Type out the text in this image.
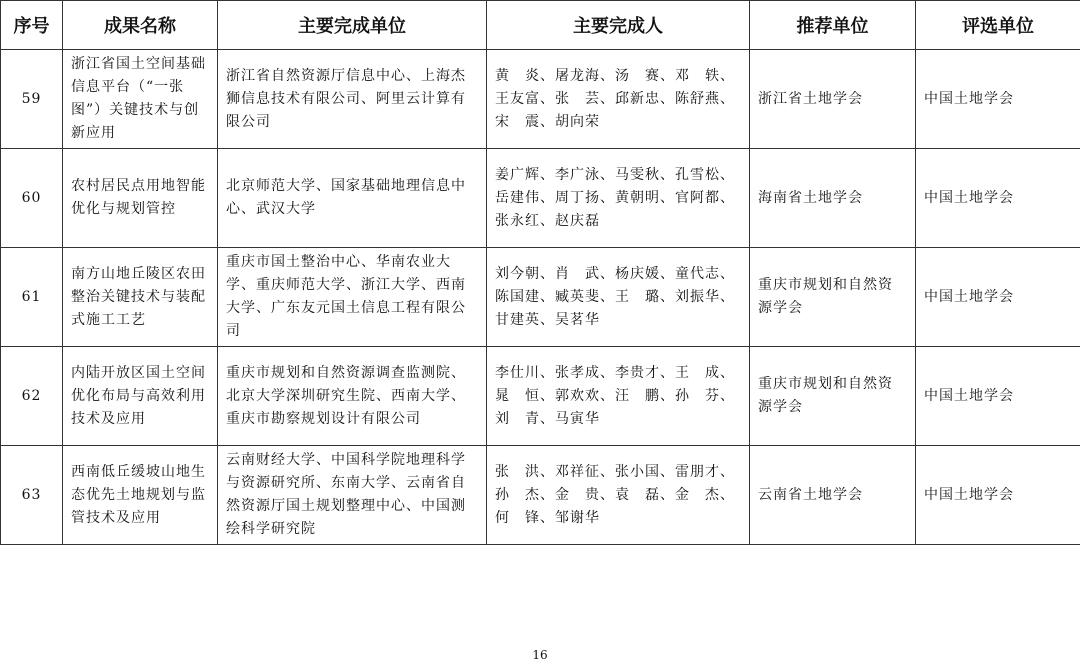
序号	成果名称	主要完成单位	主要完成人	推荐单位	评选单位
59	浙江省国土空间基础信息平台（“一张图”）关键技术与创新应用	浙江省自然资源厅信息中心、上海杰狮信息技术有限公司、阿里云计算有限公司	黄　炎、屠龙海、汤　赛、邓　轶、王友富、张　芸、邱新忠、陈舒燕、宋　震、胡向荣	浙江省土地学会	中国土地学会
60	农村居民点用地智能优化与规划管控	北京师范大学、国家基础地理信息中心、武汉大学	姜广辉、李广泳、马雯秋、孔雪松、岳建伟、周丁扬、黄朝明、官阿都、张永红、赵庆磊	海南省土地学会	中国土地学会
61	南方山地丘陵区农田整治关键技术与装配式施工工艺	重庆市国土整治中心、华南农业大学、重庆师范大学、浙江大学、西南大学、广东友元国土信息工程有限公司	刘今朝、肖　武、杨庆媛、童代志、陈国建、臧英斐、王　璐、刘振华、甘建英、吴茗华	重庆市规划和自然资源学会	中国土地学会
62	内陆开放区国土空间优化布局与高效利用技术及应用	重庆市规划和自然资源调查监测院、北京大学深圳研究生院、西南大学、重庆市勘察规划设计有限公司	李仕川、张孝成、李贵才、王　成、晁　恒、郭欢欢、汪　鹏、孙　芬、刘　青、马寅华	重庆市规划和自然资源学会	中国土地学会
63	西南低丘缓坡山地生态优先土地规划与监管技术及应用	云南财经大学、中国科学院地理科学与资源研究所、东南大学、云南省自然资源厅国土规划整理中心、中国测绘科学研究院	张　洪、邓祥征、张小国、雷朋才、孙　杰、金　贵、袁　磊、金　杰、何　锋、邹谢华	云南省土地学会	中国土地学会
16
